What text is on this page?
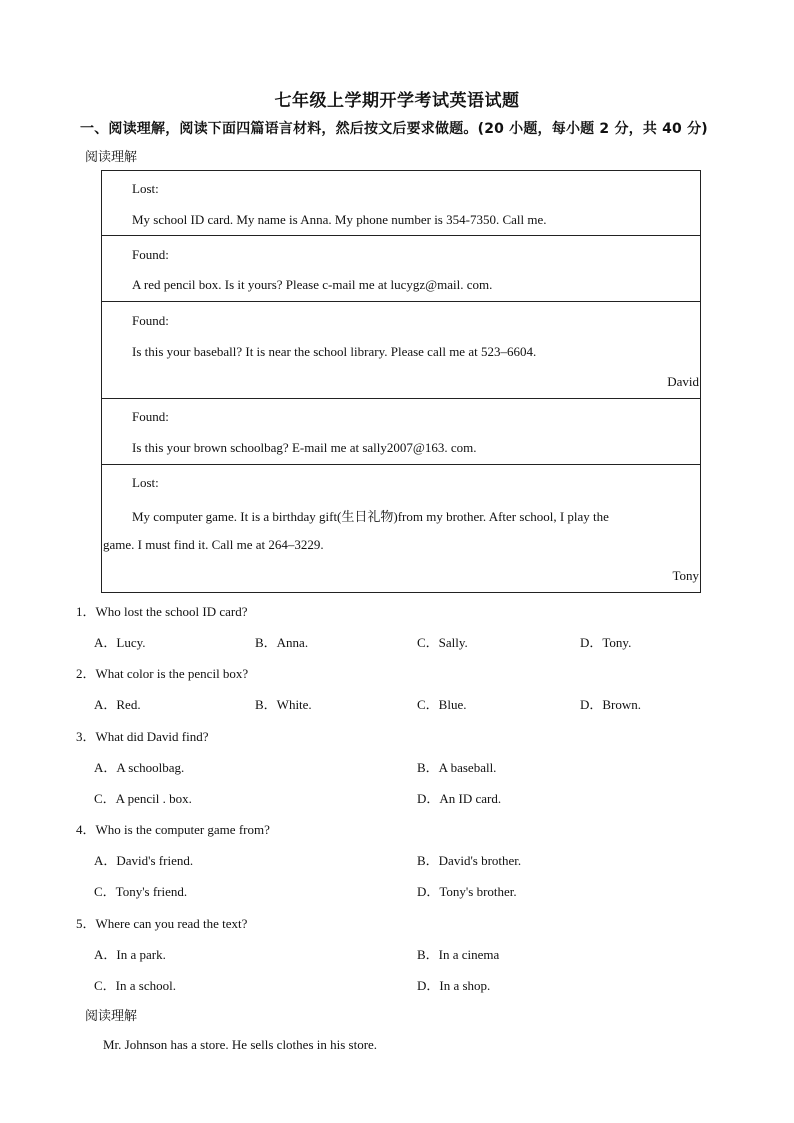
七年级上学期开学考试英语试题
一、阅读理解，阅读下面四篇语言材料，然后按文后要求做题。(20 小题，每小题 2 分，共 40 分)
阅读理解
Lost:
My school ID card. My name is Anna. My phone number is 354-7350. Call me.
Found:
A red pencil box. Is it yours? Please c-mail me at lucygz@mail. com.
Found:
Is this your baseball? It is near the school library. Please call me at 523–6604.
David
Found:
Is this your brown schoolbag? E-mail me at sally2007@163. com.
Lost:
My computer game. It is a birthday gift(生日礼物)from my brother. After school, I play the
game. I must find it. Call me at 264–3229.
Tony
1．Who lost the school ID card?
A．Lucy.	B．Anna.	C．Sally.	D．Tony.
2．What color is the pencil box?
A．Red.	B．White.	C．Blue.	D．Brown.
3．What did David find?
A．A schoolbag.	B．A baseball.
C．A pencil . box.	D．An ID card.
4．Who is the computer game from?
A．David's friend.	B．David's brother.
C．Tony's friend.	D．Tony's brother.
5．Where can you read the text?
A．In a park.	B．In a cinema
C．In a school.	D．In a shop.
阅读理解
Mr. Johnson has a store. He sells clothes in his store.
